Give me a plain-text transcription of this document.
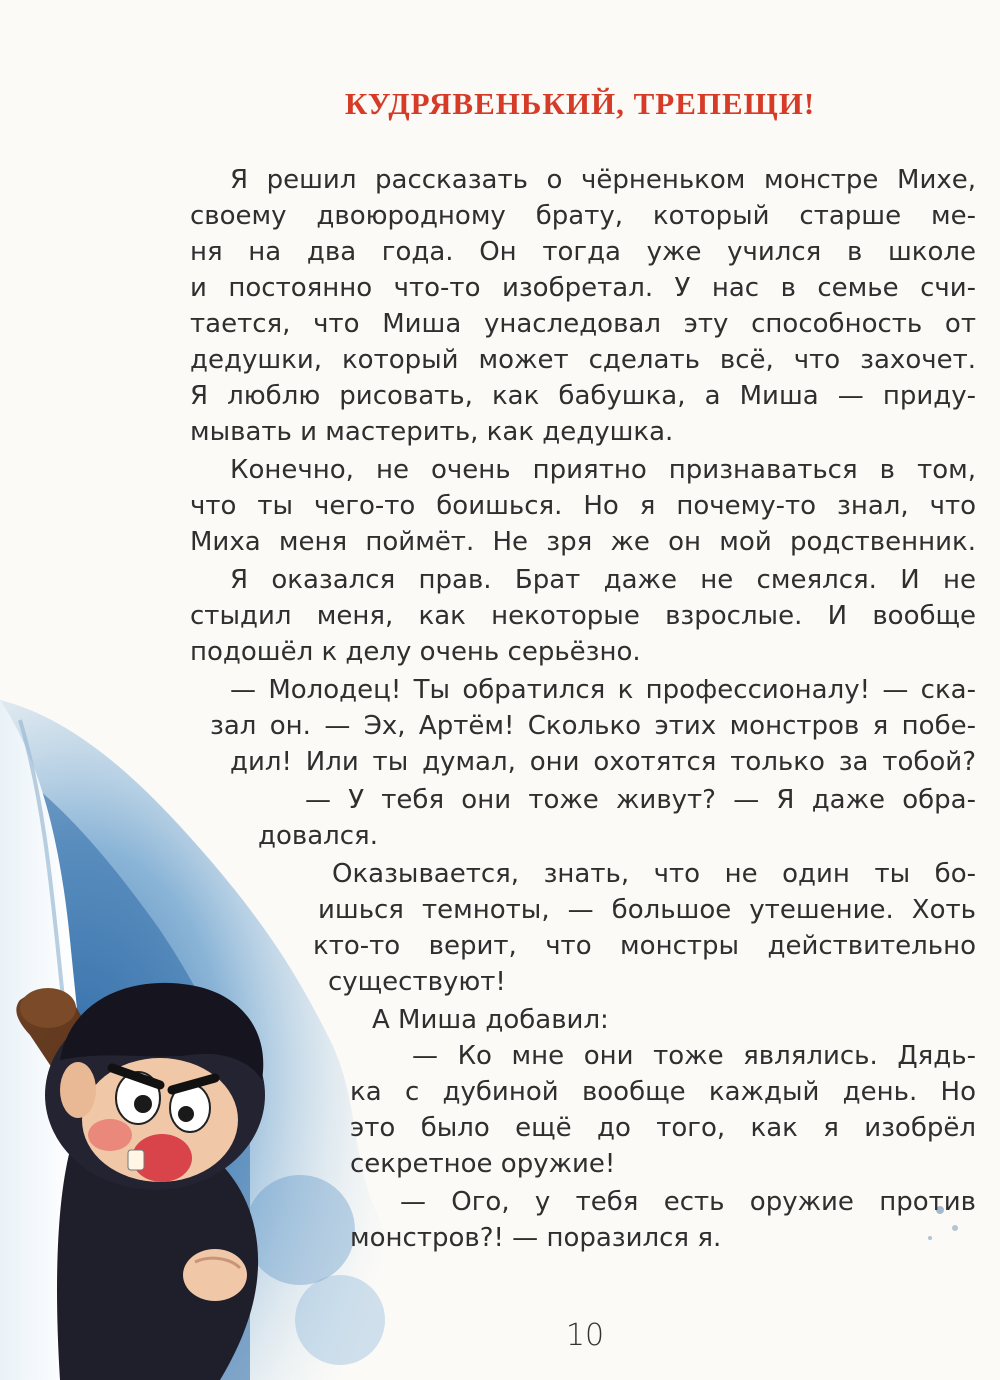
КУДРЯВЕНЬКИЙ, ТРЕПЕЩИ!
Я решил рассказать о чёрненьком монстре Михе,
своему двоюродному брату, который старше ме-
ня на два года. Он тогда уже учился в школе
и постоянно что-то изобретал. У нас в семье счи-
тается, что Миша унаследовал эту способность от
дедушки, который может сделать всё, что захочет.
Я люблю рисовать, как бабушка, а Миша — приду-
мывать и мастерить, как дедушка.
Конечно, не очень приятно признаваться в том,
что ты чего-то боишься. Но я почему-то знал, что
Миха меня поймёт. Не зря же он мой родственник.
Я оказался прав. Брат даже не смеялся. И не
стыдил меня, как некоторые взрослые. И вообще
подошёл к делу очень серьёзно.
— Молодец! Ты обратился к профессионалу! — ска-
зал он. — Эх, Артём! Сколько этих монстров я побе-
дил! Или ты думал, они охотятся только за тобой?
— У тебя они тоже живут? — Я даже обра-
довался.
Оказывается, знать, что не один ты бо-
ишься темноты, — большое утешение. Хоть
кто-то верит, что монстры действительно
существуют!
А Миша добавил:
— Ко мне они тоже являлись. Дядь-
ка с дубиной вообще каждый день. Но
это было ещё до того, как я изобрёл
секретное оружие!
— Ого, у тебя есть оружие против
монстров?! — поразился я.
10
